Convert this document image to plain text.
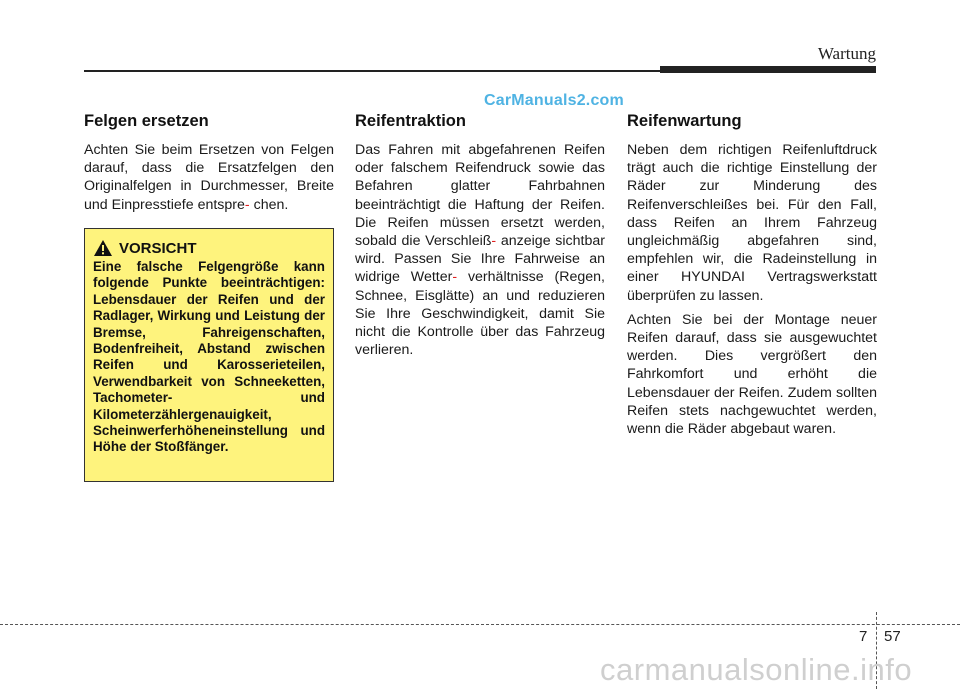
Wartung
CarManuals2.com
Felgen ersetzen

Achten Sie beim Ersetzen von Felgen darauf, dass die Ersatzfelgen den Originalfelgen in Durchmesser, Breite und Einpresstiefe entspre- chen.

VORSICHT

Eine falsche Felgengröße kann folgende Punkte beeinträchtigen: Lebensdauer der Reifen und der Radlager, Wirkung und Leistung der Bremse, Fahreigenschaften, Bodenfreiheit, Abstand zwischen Reifen und Karosserieteilen, Verwendbarkeit von Schneeketten, Tachometer- und Kilometerzählergenauigkeit, Scheinwerferhöheneinstellung und Höhe der Stoßfänger.

Reifentraktion

Das Fahren mit abgefahrenen Reifen oder falschem Reifendruck sowie das Befahren glatter Fahrbahnen beeinträchtigt die Haftung der Reifen. Die Reifen müssen ersetzt werden, sobald die Verschleiß- anzeige sichtbar wird. Passen Sie Ihre Fahrweise an widrige Wetter- verhältnisse (Regen, Schnee, Eisglätte) an und reduzieren Sie Ihre Geschwindigkeit, damit Sie nicht die Kontrolle über das Fahrzeug verlieren.

Reifenwartung

Neben dem richtigen Reifenluftdruck trägt auch die richtige Einstellung der Räder zur Minderung des Reifenverschleißes bei. Für den Fall, dass Reifen an Ihrem Fahrzeug ungleichmäßig abgefahren sind, empfehlen wir, die Radeinstellung in einer HYUNDAI Vertragswerkstatt überprüfen zu lassen.

Achten Sie bei der Montage neuer Reifen darauf, dass sie ausgewuchtet werden. Dies vergrößert den Fahrkomfort und erhöht die Lebensdauer der Reifen. Zudem sollten Reifen stets nachgewuchtet werden, wenn die Räder abgebaut waren.

7 57
carmanualsonline.info
